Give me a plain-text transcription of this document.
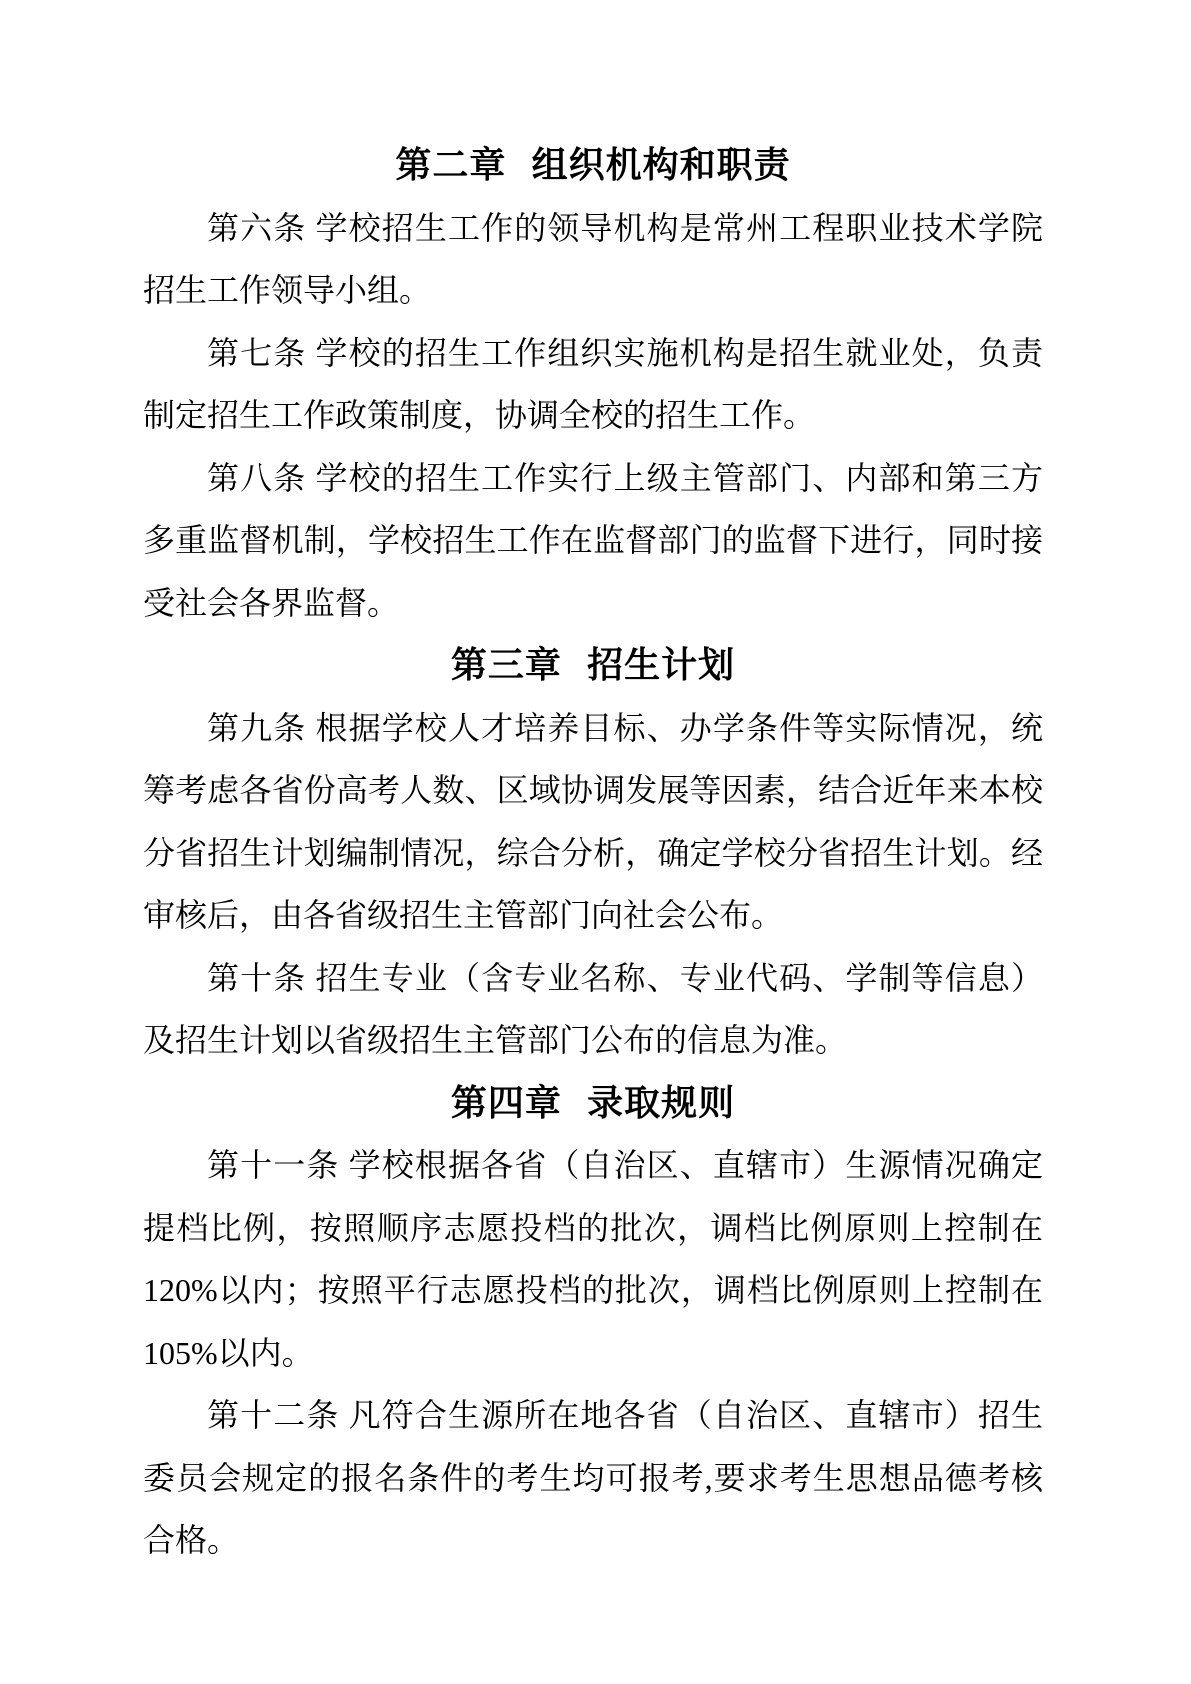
第二章 组织机构和职责

第六条 学校招生工作的领导机构是常州工程职业技术学院招生工作领导小组。

第七条 学校的招生工作组织实施机构是招生就业处，负责制定招生工作政策制度，协调全校的招生工作。

第八条 学校的招生工作实行上级主管部门、内部和第三方多重监督机制，学校招生工作在监督部门的监督下进行，同时接受社会各界监督。

第三章 招生计划

第九条 根据学校人才培养目标、办学条件等实际情况，统筹考虑各省份高考人数、区域协调发展等因素，结合近年来本校分省招生计划编制情况，综合分析，确定学校分省招生计划。经审核后，由各省级招生主管部门向社会公布。

第十条 招生专业（含专业名称、专业代码、学制等信息）及招生计划以省级招生主管部门公布的信息为准。

第四章 录取规则

第十一条 学校根据各省（自治区、直辖市）生源情况确定提档比例，按照顺序志愿投档的批次，调档比例原则上控制在120%以内；按照平行志愿投档的批次，调档比例原则上控制在105%以内。

第十二条 凡符合生源所在地各省（自治区、直辖市）招生委员会规定的报名条件的考生均可报考,要求考生思想品德考核合格。
